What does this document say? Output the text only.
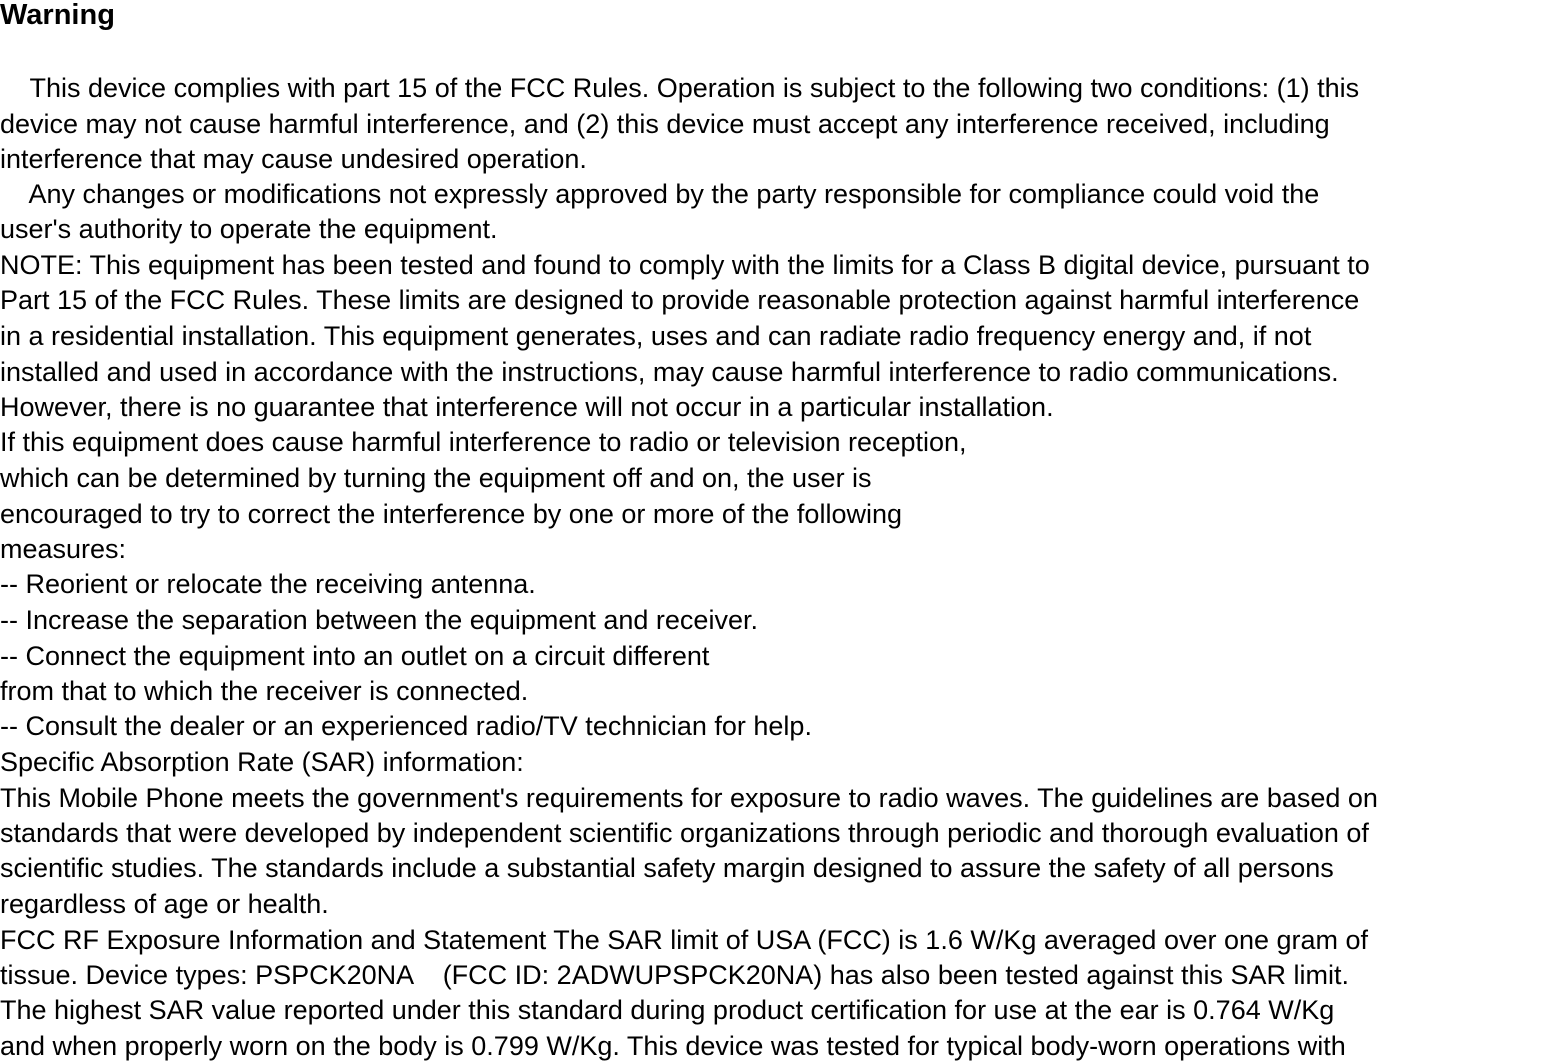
Warning

This device complies with part 15 of the FCC Rules. Operation is subject to the following two conditions: (1) this

device may not cause harmful interference, and (2) this device must accept any interference received, including

interference that may cause undesired operation.

Any changes or modifications not expressly approved by the party responsible for compliance could void the

user's authority to operate the equipment.

NOTE: This equipment has been tested and found to comply with the limits for a Class B digital device, pursuant to

Part 15 of the FCC Rules. These limits are designed to provide reasonable protection against harmful interference

in a residential installation. This equipment generates, uses and can radiate radio frequency energy and, if not

installed and used in accordance with the instructions, may cause harmful interference to radio communications.

However, there is no guarantee that interference will not occur in a particular installation.

If this equipment does cause harmful interference to radio or television reception,

which can be determined by turning the equipment off and on, the user is

encouraged to try to correct the interference by one or more of the following

measures:

-- Reorient or relocate the receiving antenna.

-- Increase the separation between the equipment and receiver.

-- Connect the equipment into an outlet on a circuit different

from that to which the receiver is connected.

-- Consult the dealer or an experienced radio/TV technician for help.

Specific Absorption Rate (SAR) information:

This Mobile Phone meets the government's requirements for exposure to radio waves. The guidelines are based on

standards that were developed by independent scientific organizations through periodic and thorough evaluation of

scientific studies. The standards include a substantial safety margin designed to assure the safety of all persons

regardless of age or health.

FCC RF Exposure Information and Statement The SAR limit of USA (FCC) is 1.6 W/Kg averaged over one gram of

tissue. Device types: PSPCK20NA    (FCC ID: 2ADWUPSPCK20NA) has also been tested against this SAR limit.

The highest SAR value reported under this standard during product certification for use at the ear is 0.764 W/Kg

and when properly worn on the body is 0.799 W/Kg. This device was tested for typical body-worn operations with
